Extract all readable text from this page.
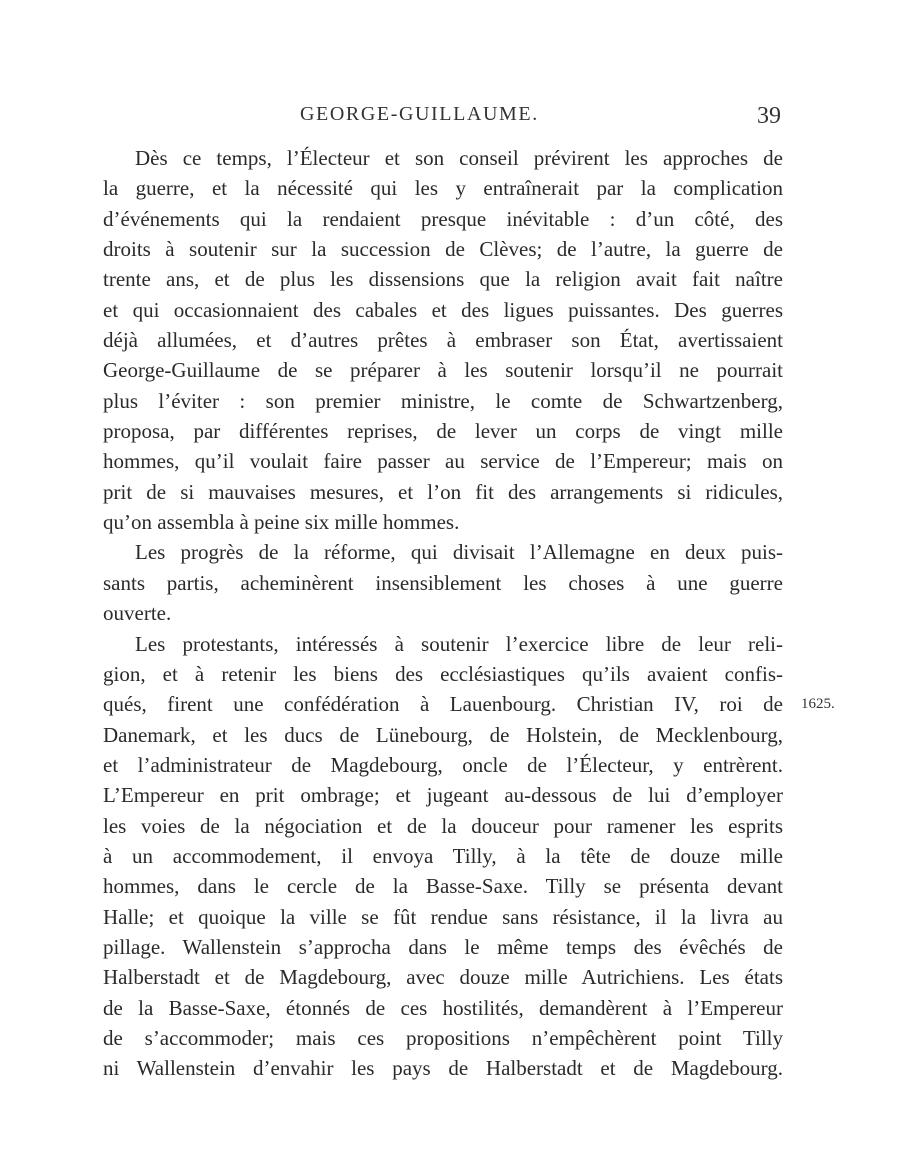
GEORGE-GUILLAUME.	39
Dès ce temps, l’Électeur et son conseil prévirent les approches de
la guerre, et la nécessité qui les y entraînerait par la complication
d’événements qui la rendaient presque inévitable : d’un côté, des
droits à soutenir sur la succession de Clèves; de l’autre, la guerre de
trente ans, et de plus les dissensions que la religion avait fait naître
et qui occasionnaient des cabales et des ligues puissantes. Des guerres
déjà allumées, et d’autres prêtes à embraser son État, avertissaient
George-Guillaume de se préparer à les soutenir lorsqu’il ne pourrait
plus l’éviter : son premier ministre, le comte de Schwartzenberg,
proposa, par différentes reprises, de lever un corps de vingt mille
hommes, qu’il voulait faire passer au service de l’Empereur; mais on
prit de si mauvaises mesures, et l’on fit des arrangements si ridicules,
qu’on assembla à peine six mille hommes.
Les progrès de la réforme, qui divisait l’Allemagne en deux puis-
sants partis, acheminèrent insensiblement les choses à une guerre
ouverte.
Les protestants, intéressés à soutenir l’exercice libre de leur reli-
gion, et à retenir les biens des ecclésiastiques qu’ils avaient confis-
qués, firent une confédération à Lauenbourg. Christian IV, roi de
Danemark, et les ducs de Lünebourg, de Holstein, de Mecklenbourg,
et l’administrateur de Magdebourg, oncle de l’Électeur, y entrèrent.
L’Empereur en prit ombrage; et jugeant au-dessous de lui d’employer
les voies de la négociation et de la douceur pour ramener les esprits
à un accommodement, il envoya Tilly, à la tête de douze mille
hommes, dans le cercle de la Basse-Saxe. Tilly se présenta devant
Halle; et quoique la ville se fût rendue sans résistance, il la livra au
pillage. Wallenstein s’approcha dans le même temps des évêchés de
Halberstadt et de Magdebourg, avec douze mille Autrichiens. Les états
de la Basse-Saxe, étonnés de ces hostilités, demandèrent à l’Empereur
de s’accommoder; mais ces propositions n’empêchèrent point Tilly
ni Wallenstein d’envahir les pays de Halberstadt et de Magdebourg.
1625.
